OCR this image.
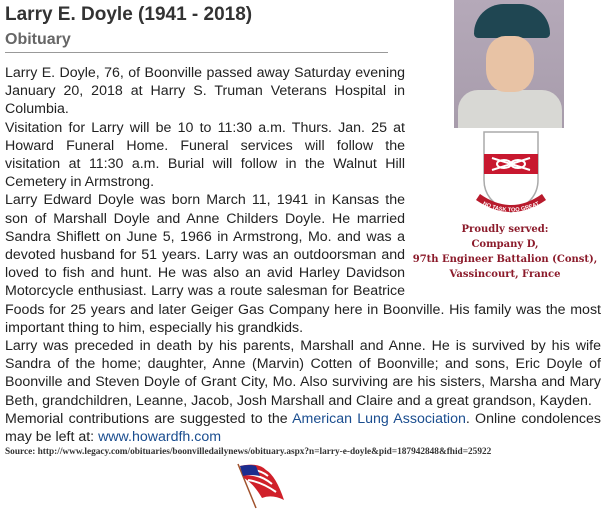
Larry E. Doyle (1941 - 2018)
Obituary
NO TASK TOO GREAT
Proudly served:
Company D,
97th Engineer Battalion (Const),
Vassincourt, France

Larry E. Doyle, 76, of Boonville passed away Saturday evening January 20, 2018 at Harry S. Truman Veterans Hospital in Columbia.

Visitation for Larry will be 10 to 11:30 a.m. Thurs. Jan. 25 at Howard Funeral Home. Funeral services will follow the visitation at 11:30 a.m. Burial will follow in the Walnut Hill Cemetery in Armstrong.

Larry Edward Doyle was born March 11, 1941 in Kansas the son of Marshall Doyle and Anne Childers Doyle. He married Sandra Shiflett on June 5, 1966 in Armstrong, Mo. and was a devoted husband for 51 years. Larry was an outdoorsman and loved to fish and hunt. He was also an avid Harley Davidson Motorcycle enthusiast. Larry was a route salesman for Beatrice Foods for 25 years and later Geiger Gas Company here in Boonville. His family was the most important thing to him, especially his grandkids.

Larry was preceded in death by his parents, Marshall and Anne. He is survived by his wife Sandra of the home; daughter, Anne (Marvin) Cotten of Boonville; and sons, Eric Doyle of Boonville and Steven Doyle of Grant City, Mo. Also surviving are his sisters, Marsha and Mary Beth, grandchildren, Leanne, Jacob, Josh Marshall and Claire and a great grandson, Kayden.

Memorial contributions are suggested to the American Lung Association. Online condolences may be left at: www.howardfh.com

Source: http://www.legacy.com/obituaries/boonvilledailynews/obituary.aspx?n=larry-e-doyle&pid=187942848&fhid=25922
